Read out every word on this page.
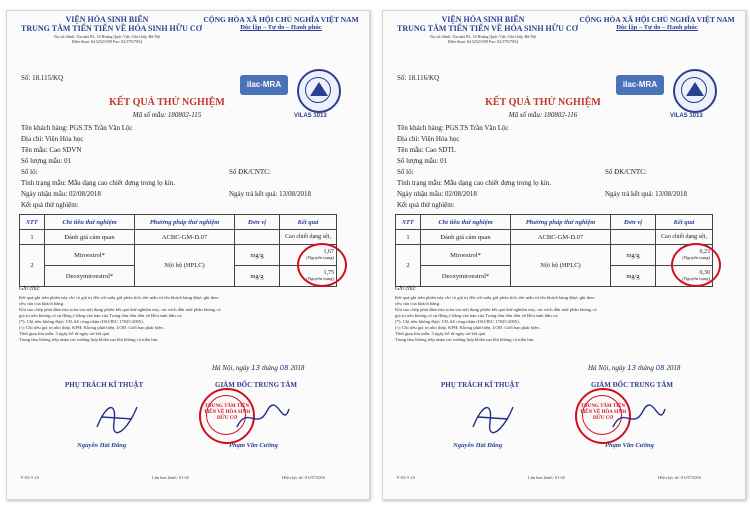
VIỆN HÓA SINH BIỂN
TRUNG TÂM TIẾN TIẾN VỀ HÓA SINH HỮU CƠ
Trụ sở chính: Tòa nhà B1, 18 Hoàng Quốc Việt, Cầu Giấy, Hà Nội
Điện thoại: 04.32521509 Fax: 04.37917054
CỘNG HÒA XÃ HỘI CHỦ NGHĨA VIỆT NAM
Độc lập – Tự do – Hạnh phúc
Số: 18.115/KQ
ilac-MRA
VILAS 1013
KẾT QUẢ THỬ NGHIỆM
Mã số mẫu: 180802-115
Tên khách hàng: PGS.TS Trần Văn Lộc
Địa chỉ: Viện Hóa học
Tên mẫu: Cao SDVN
Số lượng mẫu: 01
Số lô:	Số ĐK/CNTC:
Tình trạng mẫu: Mẫu dạng cao chiết đựng trong lọ kín.
Ngày nhận mẫu: 02/08/2018	Ngày trả kết quả: 13/08/2018
Kết quả thử nghiệm:
STT	Chỉ tiêu thử nghiệm	Phương pháp thử nghiệm	Đơn vị	Kết quả
1	Đánh giá cảm quan	ACBC-GM-D.07		Cao chiết dạng sệt,
2	Miroestrol*	Nội bộ (HPLC)	mg/g	1,67
(Nguyên trạng)
	Deoxymiroestrol*		mg/g	1,75
(Nguyên trạng)
Ghi chú:
Kết quả ghi trên phiếu này chỉ có giá trị đối với mẫu gửi phân tích, tên mẫu và tên khách hàng được ghi theo
yêu cầu của khách hàng.
Khi sao chép phải đảm bảo toàn vẹn nội dung phiếu kết quả thử nghiệm này, các trích dẫn một phần không có
giá trị nếu không có sự đồng ý bằng văn bản của Trung tâm tiên tiến về Hóa sinh hữu cơ.
(*): Chỉ tiêu không được VILAS công nhận (ISO/IEC 17025:2005).
(-): Chỉ tiêu giá trị nhỏ thấp, KPH: Không phát hiện, LOD: Giới hạn phát hiện.
Thời gian lưu mẫu: 5 ngày kể từ ngày trả kết quả.
Trung tâm không tiếp nhận các trường hợp khiếu nại khi không có mẫu lưu.
Hà Nội, ngày 13 tháng 08 2018
PHỤ TRÁCH KĨ THUẬT	GIÁM ĐỐC TRUNG TÂM
TRUNG TÂM TIÊN TIẾN VỀ HÓA SINH HỮU CƠ
Nguyễn Hải Đăng	Phạm Văn Cường
F-02-5.10	Lần ban hành: 01.02	Hiệu lực từ: 01/07/2016
VIỆN HÓA SINH BIỂN
TRUNG TÂM TIẾN TIẾN VỀ HÓA SINH HỮU CƠ
Trụ sở chính: Tòa nhà B1, 18 Hoàng Quốc Việt, Cầu Giấy, Hà Nội
Điện thoại: 04.32521509 Fax: 04.37917054
CỘNG HÒA XÃ HỘI CHỦ NGHĨA VIỆT NAM
Độc lập – Tự do – Hạnh phúc
Số: 18.116/KQ
ilac-MRA
VILAS 1013
KẾT QUẢ THỬ NGHIỆM
Mã số mẫu: 180802-116
Tên khách hàng: PGS.TS Trần Văn Lộc
Địa chỉ: Viện Hóa học
Tên mẫu: Cao SDTL
Số lượng mẫu: 01
Số lô:	Số ĐK/CNTC:
Tình trạng mẫu: Mẫu dạng cao chiết đựng trong lọ kín.
Ngày nhận mẫu: 02/08/2018	Ngày trả kết quả: 13/08/2018
Kết quả thử nghiệm:
STT	Chỉ tiêu thử nghiệm	Phương pháp thử nghiệm	Đơn vị	Kết quả
1	Đánh giá cảm quan	ACBC-GM-D.07		Cao chiết dạng sệt,
2	Miroestrol*	Nội bộ (HPLC)	mg/g	0,23
(Nguyên trạng)
	Deoxymiroestrol*		mg/g	0,30
(Nguyên trạng)
Ghi chú:
Kết quả ghi trên phiếu này chỉ có giá trị đối với mẫu gửi phân tích, tên mẫu và tên khách hàng được ghi theo
yêu cầu của khách hàng.
Khi sao chép phải đảm bảo toàn vẹn nội dung phiếu kết quả thử nghiệm này, các trích dẫn một phần không có
giá trị nếu không có sự đồng ý bằng văn bản của Trung tâm tiên tiến về Hóa sinh hữu cơ.
(*): Chỉ tiêu không được VILAS công nhận (ISO/IEC 17025:2005).
(-): Chỉ tiêu giá trị nhỏ thấp, KPH: Không phát hiện, LOD: Giới hạn phát hiện.
Thời gian lưu mẫu: 5 ngày kể từ ngày trả kết quả.
Trung tâm không tiếp nhận các trường hợp khiếu nại khi không có mẫu lưu.
Hà Nội, ngày 13 tháng 08 2018
PHỤ TRÁCH KĨ THUẬT	GIÁM ĐỐC TRUNG TÂM
TRUNG TÂM TIÊN TIẾN VỀ HÓA SINH HỮU CƠ
Nguyễn Hải Đăng	Phạm Văn Cường
F-02-5.10	Lần ban hành: 01.02	Hiệu lực từ: 01/07/2016
